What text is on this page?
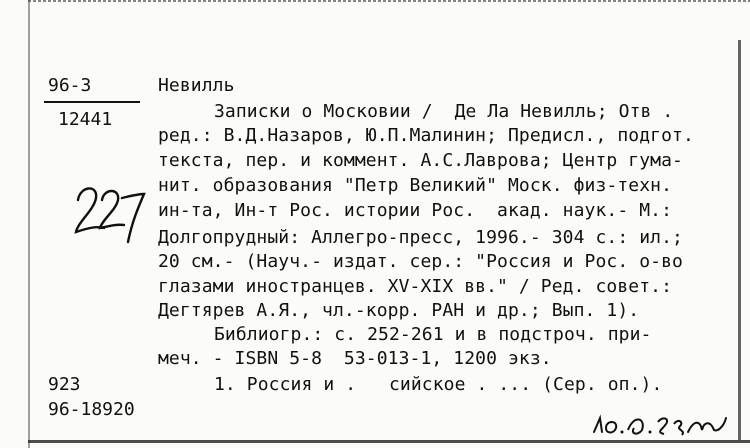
96-3
12441
Невилль
Записки о Московии /  Де Ла Невилль; Отв .
ред.: В.Д.Назаров, Ю.П.Малинин; Предисл., подгот.
текста, пер. и коммент. А.С.Лаврова; Центр гума-
нит. образования "Петр Великий" Моск. физ-техн.
ин-та, Ин-т Рос. истории Рос.  акад. наук.- М.:
Долгопрудный: Аллегро-пресс, 1996.- 304 с.: ил.;
20 см.- (Науч.- издат. сер.: "Россия и Рос. о-во
глазами иностранцев. XV-XIX вв." / Ред. совет.:
Дегтярев А.Я., чл.-корр. РАН и др.; Вып. 1).
Библиогр.: с. 252-261 и в подстроч. при-
меч. - ISBN 5-8  53-013-1, 1200 экз.
1. Россия и .   сийское . ... (Сер. оп.).
923
96-18920
